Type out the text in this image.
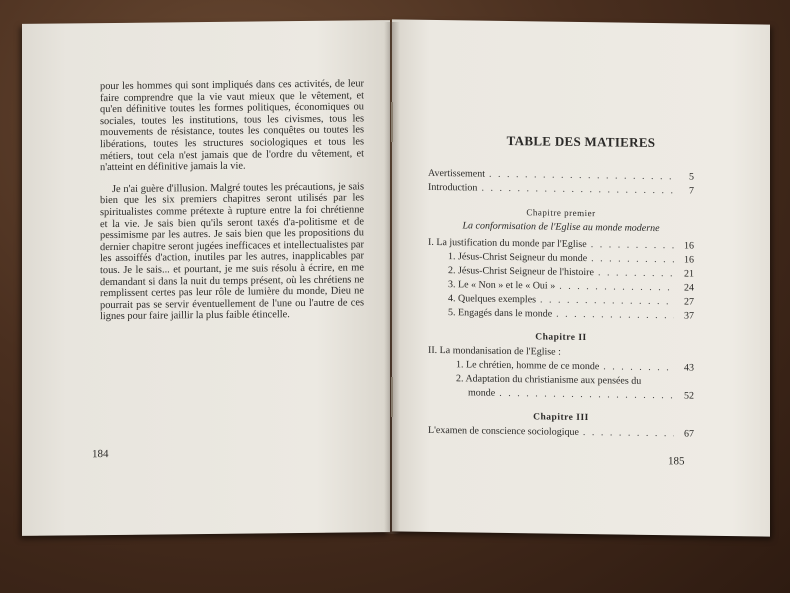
pour les hommes qui sont impliqués dans ces activités, de leur faire comprendre que la vie vaut mieux que le vêtement, et qu'en définitive toutes les formes politiques, économiques ou sociales, toutes les institutions, tous les civismes, tous les mouvements de résistance, toutes les conquêtes ou toutes les libérations, toutes les structures sociologiques et tous les métiers, tout cela n'est jamais que de l'ordre du vêtement, et n'atteint en définitive jamais la vie.

Je n'ai guère d'illusion. Malgré toutes les précautions, je sais bien que les six premiers chapitres seront utilisés par les spiritualistes comme prétexte à rupture entre la foi chrétienne et la vie. Je sais bien qu'ils seront taxés d'a-politisme et de pessimisme par les autres. Je sais bien que les propositions du dernier chapitre seront jugées inefficaces et intellectualistes par les assoiffés d'action, inutiles par les autres, inapplicables par tous. Je le sais... et pourtant, je me suis résolu à écrire, en me demandant si dans la nuit du temps présent, où les chrétiens ne remplissent certes pas leur rôle de lumière du monde, Dieu ne pourrait pas se servir éventuellement de l'une ou l'autre de ces lignes pour faire jaillir la plus faible étincelle.

184
TABLE DES MATIERES
Avertissement . . .	5
Introduction . . .	7
Chapitre premier
La conformisation de l'Eglise au monde moderne
I. La justification du monde par l'Eglise . . .	16
1. Jésus-Christ Seigneur du monde . . .	16
2. Jésus-Christ Seigneur de l'histoire . . .	21
3. Le « Non » et le « Oui » . . .	24
4. Quelques exemples . . .	27
5. Engagés dans le monde . . .	37
Chapitre II
II. La mondanisation de l'Eglise :
1. Le chrétien, homme de ce monde . . .	43
2. Adaptation du christianisme aux pensées du
monde . . .	52
Chapitre III
L'examen de conscience sociologique . . .	67
185
